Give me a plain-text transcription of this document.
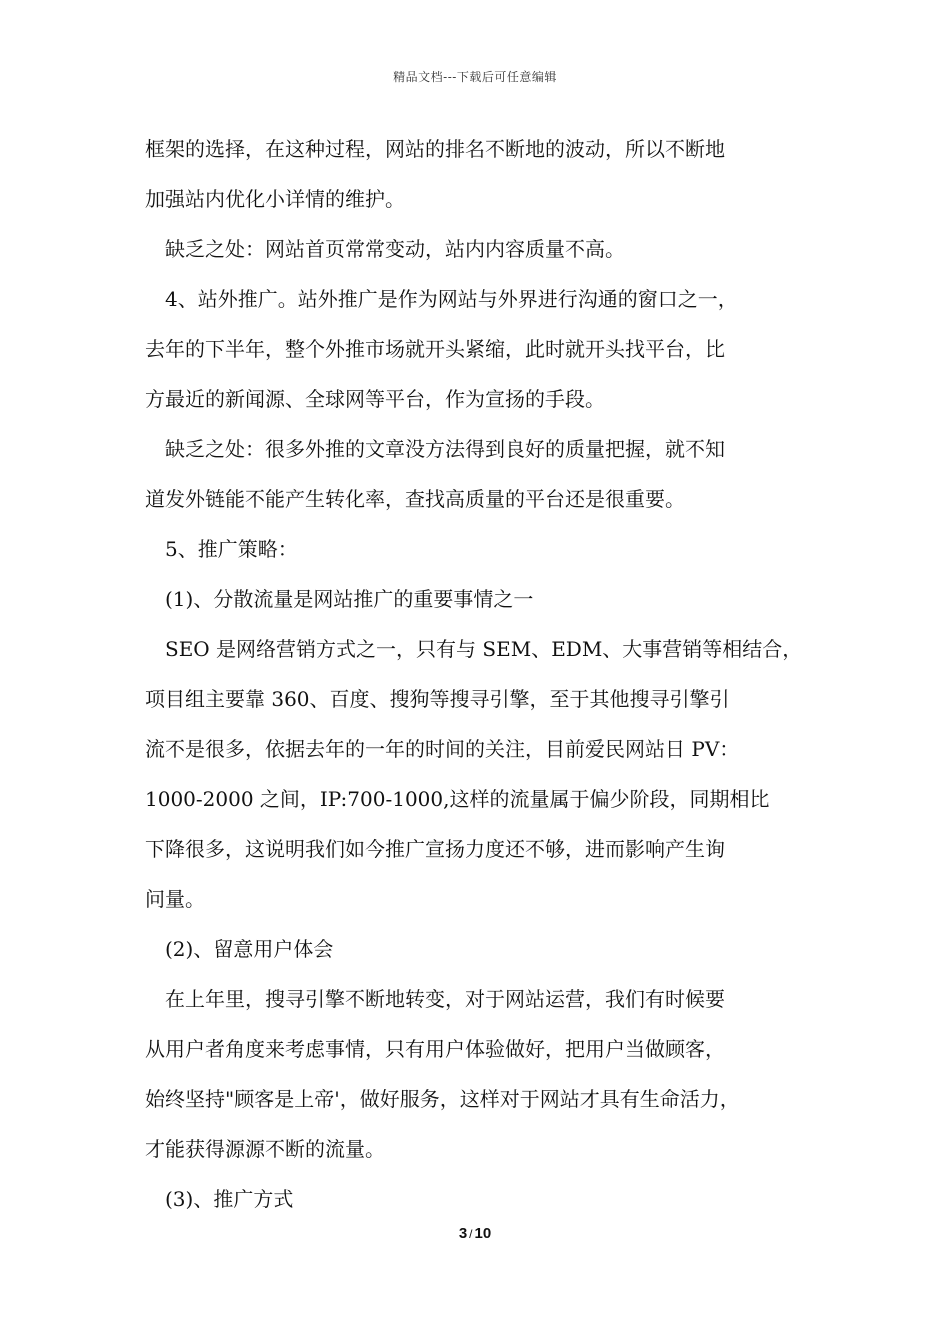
精品文档---下载后可任意编辑
框架的选择，在这种过程，网站的排名不断地的波动，所以不断地
加强站内优化小详情的维护。
缺乏之处：网站首页常常变动，站内内容质量不高。
4、站外推广。站外推广是作为网站与外界进行沟通的窗口之一，
去年的下半年，整个外推市场就开头紧缩，此时就开头找平台，比
方最近的新闻源、全球网等平台，作为宣扬的手段。
缺乏之处：很多外推的文章没方法得到良好的质量把握，就不知
道发外链能不能产生转化率，查找高质量的平台还是很重要。
5、推广策略：
(1)、分散流量是网站推广的重要事情之一
SEO 是网络营销方式之一，只有与 SEM、EDM、大事营销等相结合，
项目组主要靠 360、百度、搜狗等搜寻引擎，至于其他搜寻引擎引
流不是很多，依据去年的一年的时间的关注，目前爱民网站日 PV：
1000-2000 之间，IP:700-1000,这样的流量属于偏少阶段，同期相比
下降很多，这说明我们如今推广宣扬力度还不够，进而影响产生询
问量。
(2)、留意用户体会
在上年里，搜寻引擎不断地转变，对于网站运营，我们有时候要
从用户者角度来考虑事情，只有用户体验做好，把用户当做顾客，
始终坚持"顾客是上帝'，做好服务，这样对于网站才具有生命活力，
才能获得源源不断的流量。
(3)、推广方式
3 / 10
